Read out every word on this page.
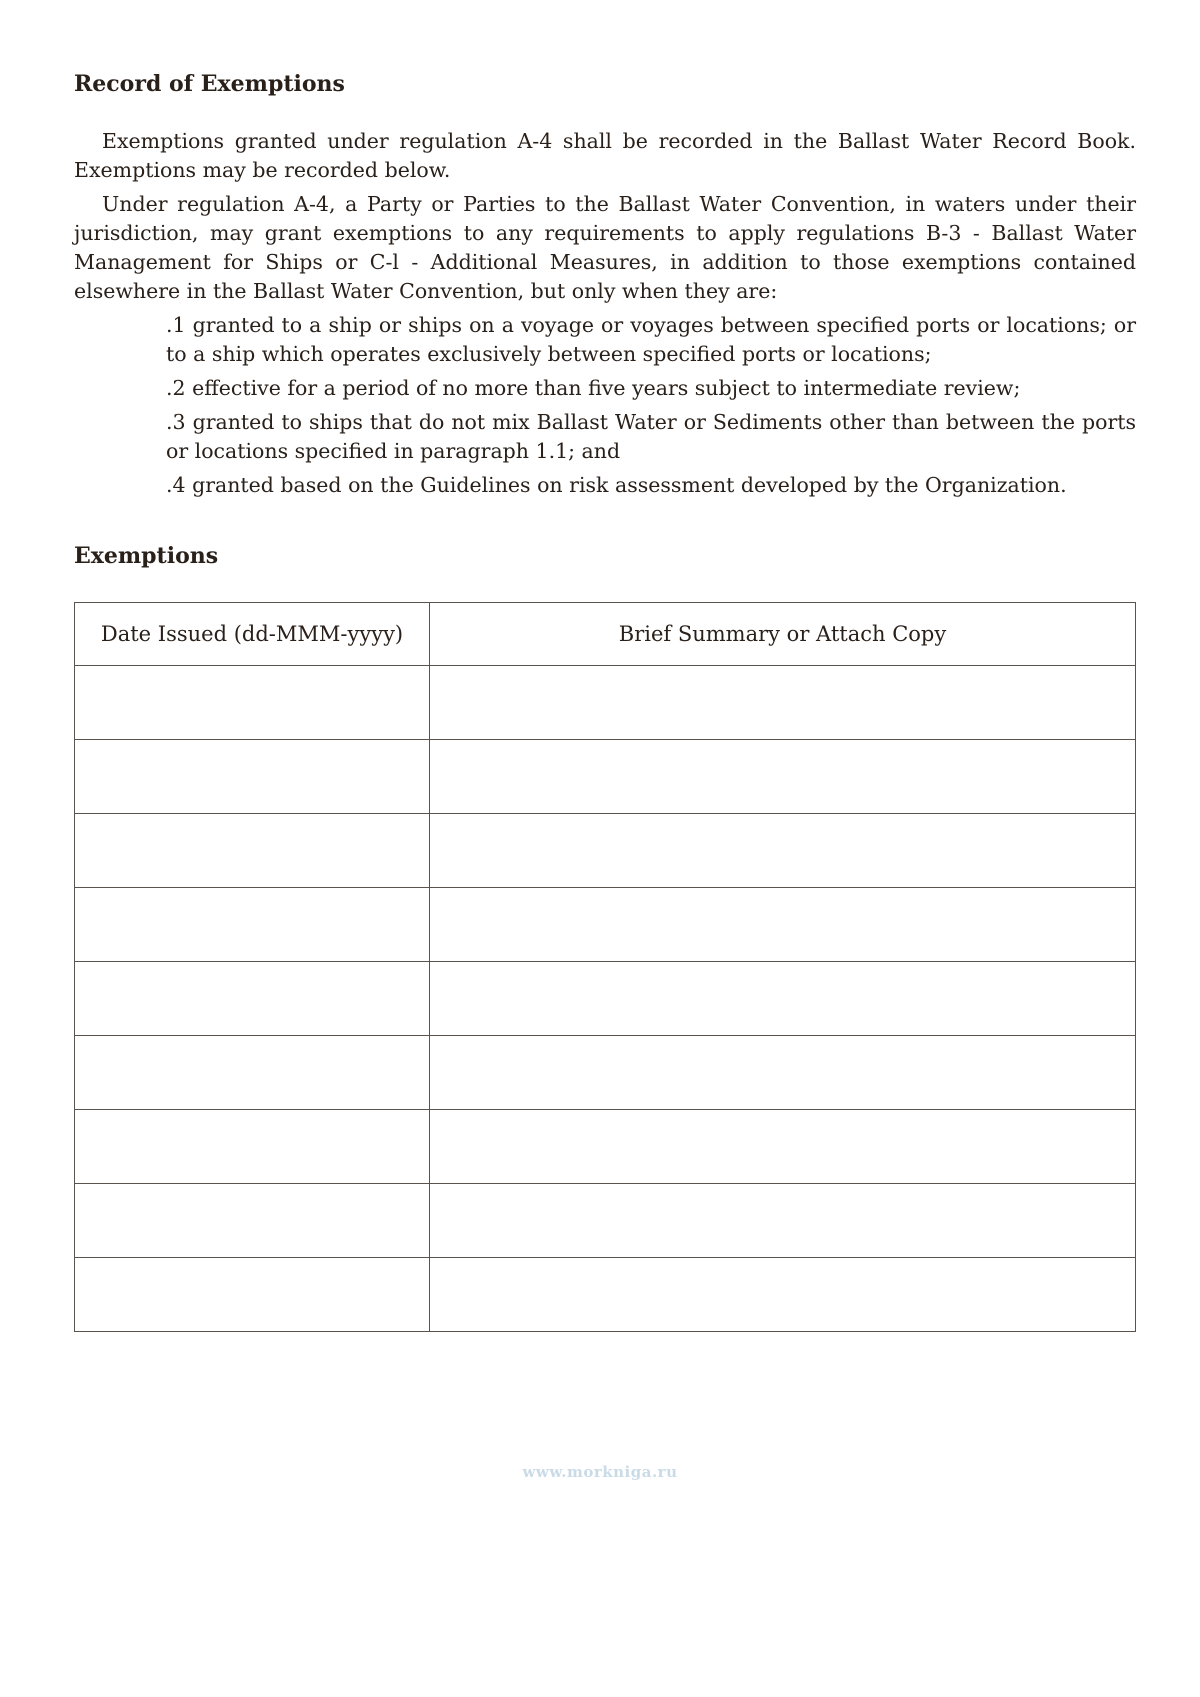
Record of Exemptions

Exemptions granted under regulation A-4 shall be recorded in the Ballast Water Record Book. Exemptions may be recorded below.

Under regulation A-4, a Party or Parties to the Ballast Water Convention, in waters under their jurisdiction, may grant exemptions to any requirements to apply regulations B-3 - Ballast Water Management for Ships or C-l - Additional Measures, in addition to those exemptions contained elsewhere in the Ballast Water Convention, but only when they are:

.1 granted to a ship or ships on a voyage or voyages between specified ports or locations; or to a ship which operates exclusively between specified ports or locations;

.2 effective for a period of no more than five years subject to intermediate review;

.3 granted to ships that do not mix Ballast Water or Sediments other than between the ports or locations specified in paragraph 1.1; and

.4 granted based on the Guidelines on risk assessment developed by the Organization.

Exemptions
Date Issued (dd-MMM-yyyy)	Brief Summary or Attach Copy

www.morkniga.ru
